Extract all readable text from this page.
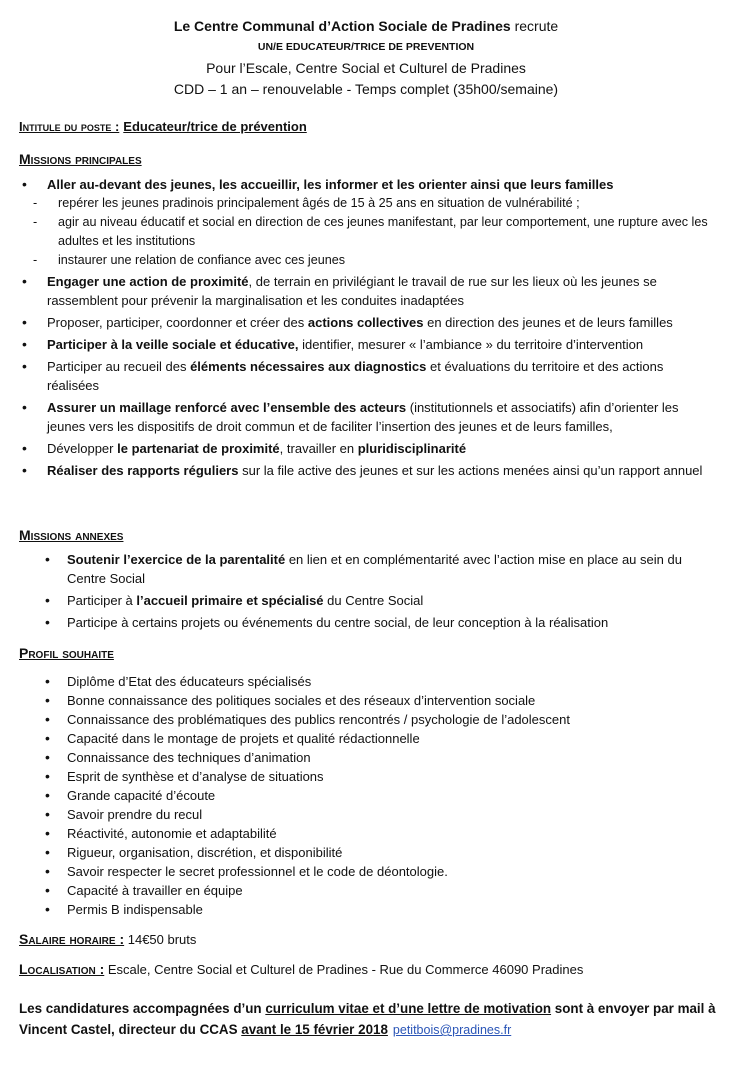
Le Centre Communal d’Action Sociale de Pradines recrute
UN/E EDUCATEUR/TRICE DE PREVENTION
Pour l’Escale, Centre Social et Culturel de Pradines
CDD – 1 an – renouvelable - Temps complet (35h00/semaine)
Intitule du poste : Educateur/trice de prévention
Missions principales
• Aller au-devant des jeunes, les accueillir, les informer et les orienter ainsi que leurs familles
- repérer les jeunes pradinois principalement âgés de 15 à 25 ans en situation de vulnérabilité ;
- agir au niveau éducatif et social en direction de ces jeunes manifestant, par leur comportement, une rupture avec les adultes et les institutions
- instaurer une relation de confiance avec ces jeunes
• Engager une action de proximité, de terrain en privilégiant le travail de rue sur les lieux où les jeunes se rassemblent pour prévenir la marginalisation et les conduites inadaptées
• Proposer, participer, coordonner et créer des actions collectives en direction des jeunes et de leurs familles
• Participer à la veille sociale et éducative, identifier, mesurer « l’ambiance » du territoire d’intervention
• Participer au recueil des éléments nécessaires aux diagnostics et évaluations du territoire et des actions réalisées
• Assurer un maillage renforcé avec l’ensemble des acteurs (institutionnels et associatifs) afin d’orienter les jeunes vers les dispositifs de droit commun et de faciliter l’insertion des jeunes et de leurs familles,
• Développer le partenariat de proximité, travailler en pluridisciplinarité
• Réaliser des rapports réguliers sur la file active des jeunes et sur les actions menées ainsi qu’un rapport annuel
Missions annexes
• Soutenir l’exercice de la parentalité en lien et en complémentarité avec l’action mise en place au sein du Centre Social
• Participer à l’accueil primaire et spécialisé du Centre Social
• Participe à certains projets ou événements du centre social, de leur conception à la réalisation
Profil souhaite
• Diplôme d’Etat des éducateurs spécialisés
• Bonne connaissance des politiques sociales et des réseaux d’intervention sociale
• Connaissance des problématiques des publics rencontrés / psychologie de l’adolescent
• Capacité dans le montage de projets et qualité rédactionnelle
• Connaissance des techniques d’animation
• Esprit de synthèse et d’analyse de situations
• Grande capacité d’écoute
• Savoir prendre du recul
• Réactivité, autonomie et adaptabilité
• Rigueur, organisation, discrétion, et disponibilité
• Savoir respecter le secret professionnel et le code de déontologie.
• Capacité à travailler en équipe
• Permis B indispensable
Salaire horaire : 14€50 bruts
Localisation : Escale, Centre Social et Culturel de Pradines - Rue du Commerce 46090 Pradines
Les candidatures accompagnées d’un curriculum vitae et d’une lettre de motivation sont à envoyer par mail à Vincent Castel, directeur du CCAS avant le 15 février 2018 petitbois@pradines.fr
